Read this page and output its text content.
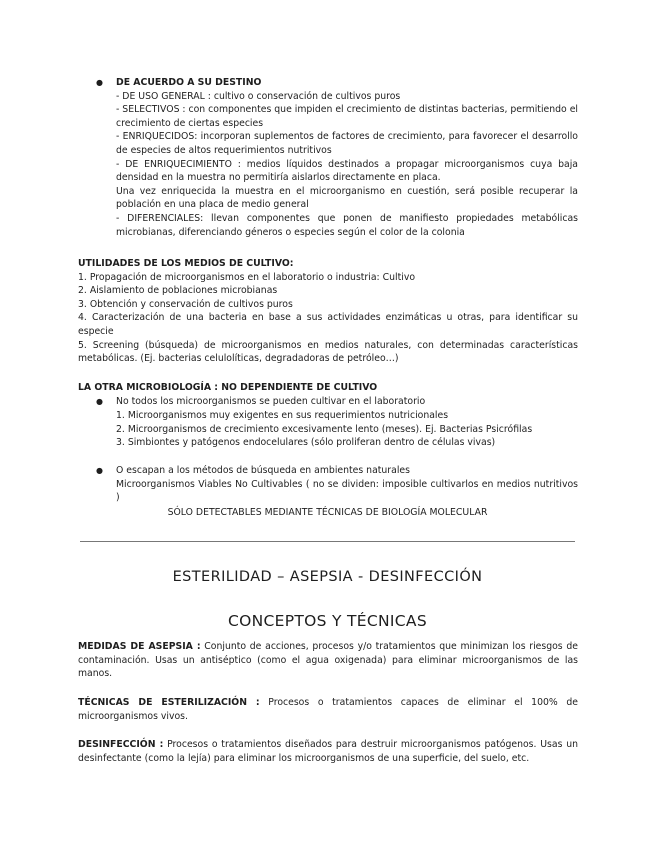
● DE ACUERDO A SU DESTINO
- DE USO GENERAL : cultivo o conservación de cultivos puros
- SELECTIVOS : con componentes que impiden el crecimiento de distintas bacterias, permitiendo el crecimiento de ciertas especies
- ENRIQUECIDOS: incorporan suplementos de factores de crecimiento, para favorecer el desarrollo de especies de altos requerimientos nutritivos
- DE ENRIQUECIMIENTO : medios líquidos destinados a propagar microorganismos cuya baja densidad en la muestra no permitiría aislarlos directamente en placa.
Una vez enriquecida la muestra en el microorganismo en cuestión, será posible recuperar la población en una placa de medio general
- DIFERENCIALES: llevan componentes que ponen de manifiesto propiedades metabólicas microbianas, diferenciando géneros o especies según el color de la colonia
UTILIDADES DE LOS MEDIOS DE CULTIVO:
1. Propagación de microorganismos en el laboratorio o industria: Cultivo
2. Aislamiento de poblaciones microbianas
3. Obtención y conservación de cultivos puros
4. Caracterización de una bacteria en base a sus actividades enzimáticas u otras, para identificar su especie
5. Screening (búsqueda) de microorganismos en medios naturales, con determinadas características metabólicas. (Ej. bacterias celulolíticas, degradadoras de petróleo…)
LA OTRA MICROBIOLOGÍA : NO DEPENDIENTE DE CULTIVO
● No todos los microorganismos se pueden cultivar en el laboratorio
1. Microorganismos muy exigentes en sus requerimientos nutricionales
2. Microorganismos de crecimiento excesivamente lento (meses). Ej. Bacterias Psicrófilas
3. Simbiontes y patógenos endocelulares (sólo proliferan dentro de células vivas)
● O escapan a los métodos de búsqueda en ambientes naturales
Microorganismos Viables No Cultivables ( no se dividen: imposible cultivarlos en medios nutritivos )
SÓLO DETECTABLES MEDIANTE TÉCNICAS DE BIOLOGÍA MOLECULAR
ESTERILIDAD – ASEPSIA - DESINFECCIÓN
CONCEPTOS Y TÉCNICAS
MEDIDAS DE ASEPSIA : Conjunto de acciones, procesos y/o tratamientos que minimizan los riesgos de contaminación. Usas un antiséptico (como el agua oxigenada) para eliminar microorganismos de las manos.
TÉCNICAS DE ESTERILIZACIÓN : Procesos o tratamientos capaces de eliminar el 100% de microorganismos vivos.
DESINFECCIÓN : Procesos o tratamientos diseñados para destruir microorganismos patógenos. Usas un desinfectante (como la lejía) para eliminar los microorganismos de una superficie, del suelo, etc.
